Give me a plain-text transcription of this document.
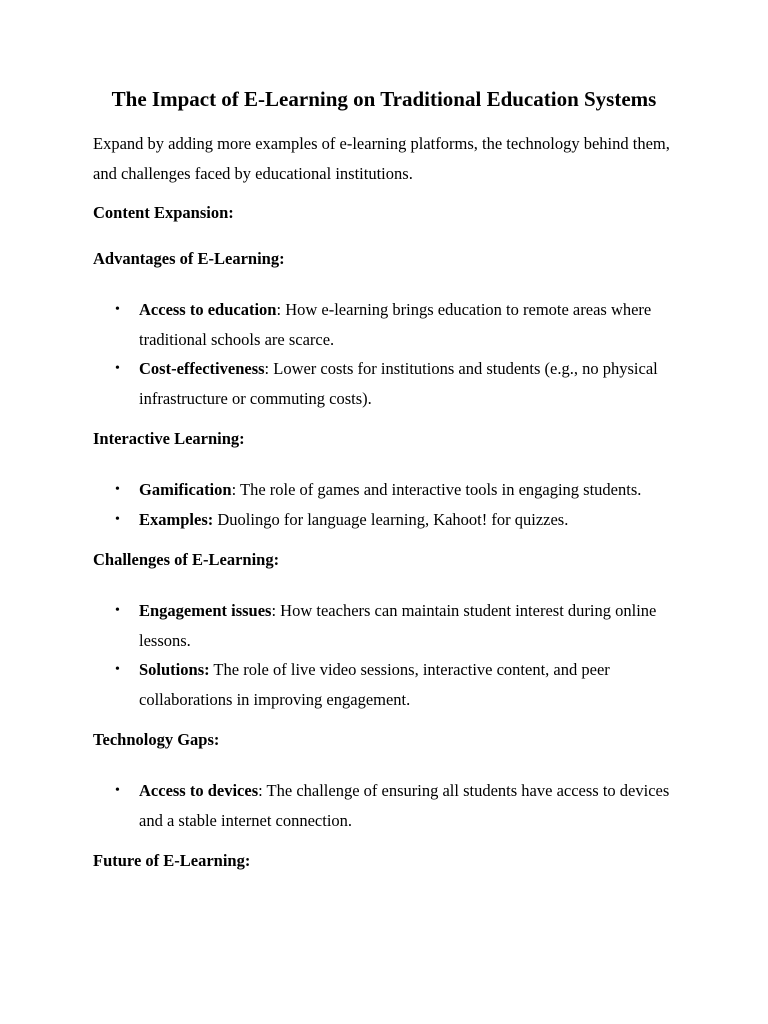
The Impact of E-Learning on Traditional Education Systems

Expand by adding more examples of e-learning platforms, the technology behind them, and challenges faced by educational institutions.

Content Expansion:
Advantages of E-Learning:
• Access to education: How e-learning brings education to remote areas where traditional schools are scarce.
• Cost-effectiveness: Lower costs for institutions and students (e.g., no physical infrastructure or commuting costs).
Interactive Learning:
• Gamification: The role of games and interactive tools in engaging students.
• Examples: Duolingo for language learning, Kahoot! for quizzes.
Challenges of E-Learning:
• Engagement issues: How teachers can maintain student interest during online lessons.
• Solutions: The role of live video sessions, interactive content, and peer collaborations in improving engagement.
Technology Gaps:
• Access to devices: The challenge of ensuring all students have access to devices and a stable internet connection.
Future of E-Learning:
